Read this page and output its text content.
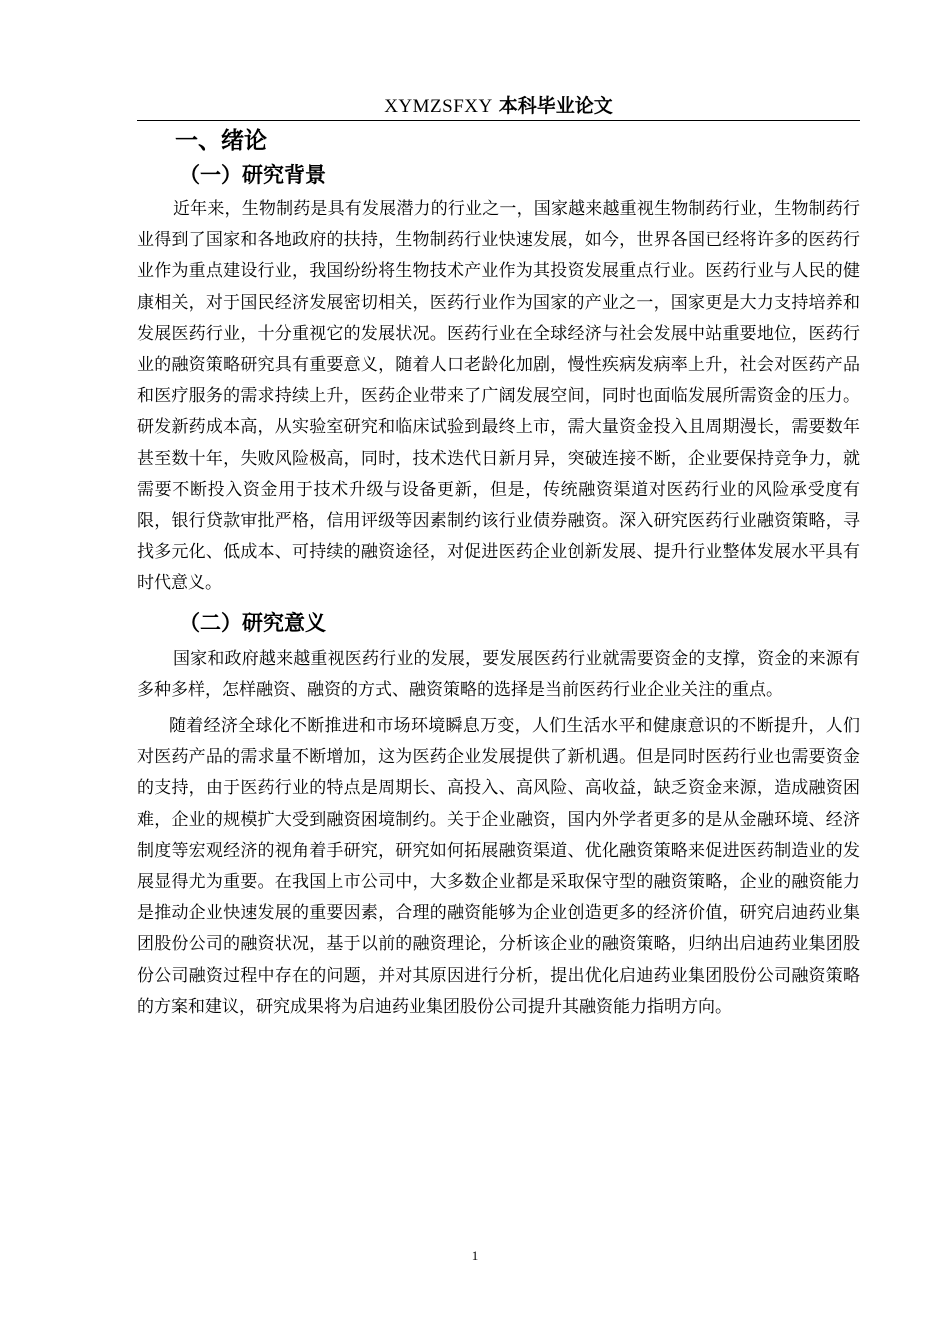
XYMZSFXY 本科毕业论文
一、绪论
（一）研究背景

近年来，生物制药是具有发展潜力的行业之一，国家越来越重视生物制药行业，生物制药行业得到了国家和各地政府的扶持，生物制药行业快速发展，如今，世界各国已经将许多的医药行业作为重点建设行业，我国纷纷将生物技术产业作为其投资发展重点行业。医药行业与人民的健康相关，对于国民经济发展密切相关，医药行业作为国家的产业之一，国家更是大力支持培养和发展医药行业，十分重视它的发展状况。医药行业在全球经济与社会发展中站重要地位，医药行业的融资策略研究具有重要意义，随着人口老龄化加剧，慢性疾病发病率上升，社会对医药产品和医疗服务的需求持续上升，医药企业带来了广阔发展空间，同时也面临发展所需资金的压力。研发新药成本高，从实验室研究和临床试验到最终上市，需大量资金投入且周期漫长，需要数年甚至数十年，失败风险极高，同时，技术迭代日新月异，突破连接不断，企业要保持竞争力，就需要不断投入资金用于技术升级与设备更新，但是，传统融资渠道对医药行业的风险承受度有限，银行贷款审批严格，信用评级等因素制约该行业债券融资。深入研究医药行业融资策略，寻找多元化、低成本、可持续的融资途径，对促进医药企业创新发展、提升行业整体发展水平具有时代意义。

（二）研究意义

国家和政府越来越重视医药行业的发展，要发展医药行业就需要资金的支撑，资金的来源有多种多样，怎样融资、融资的方式、融资策略的选择是当前医药行业企业关注的重点。

随着经济全球化不断推进和市场环境瞬息万变，人们生活水平和健康意识的不断提升，人们对医药产品的需求量不断增加，这为医药企业发展提供了新机遇。但是同时医药行业也需要资金的支持，由于医药行业的特点是周期长、高投入、高风险、高收益，缺乏资金来源，造成融资困难，企业的规模扩大受到融资困境制约。关于企业融资，国内外学者更多的是从金融环境、经济制度等宏观经济的视角着手研究，研究如何拓展融资渠道、优化融资策略来促进医药制造业的发展显得尤为重要。在我国上市公司中，大多数企业都是采取保守型的融资策略，企业的融资能力是推动企业快速发展的重要因素，合理的融资能够为企业创造更多的经济价值，研究启迪药业集团股份公司的融资状况，基于以前的融资理论，分析该企业的融资策略，归纳出启迪药业集团股份公司融资过程中存在的问题，并对其原因进行分析，提出优化启迪药业集团股份公司融资策略的方案和建议，研究成果将为启迪药业集团股份公司提升其融资能力指明方向。

1
